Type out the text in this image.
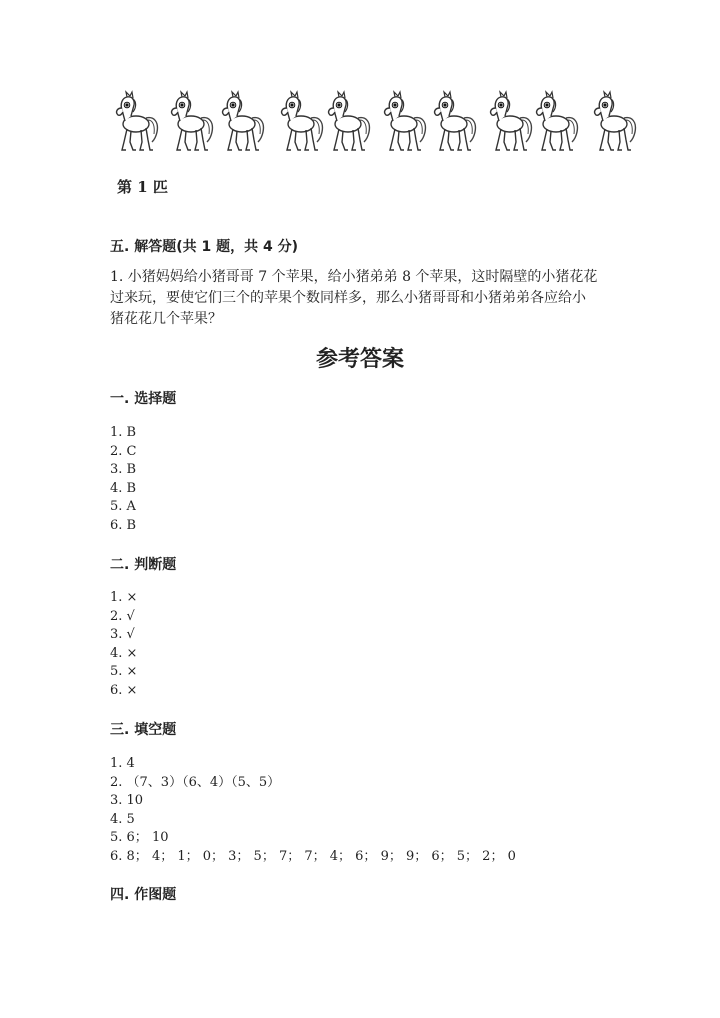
第 1 匹
五. 解答题(共 1 题，共 4 分)
1. 小猪妈妈给小猪哥哥 7 个苹果，给小猪弟弟 8 个苹果，这时隔壁的小猪花花
过来玩，要使它们三个的苹果个数同样多，那么小猪哥哥和小猪弟弟各应给小
猪花花几个苹果？
参考答案
一. 选择题
1. B
2. C
3. B
4. B
5. A
6. B
二. 判断题
1. ×
2. √
3. √
4. ×
5. ×
6. ×
三. 填空题
1. 4
2. （7、3）（6、4）（5、5）
3. 10
4. 5
5. 6； 10
6. 8； 4； 1； 0； 3； 5； 7； 7； 4； 6； 9； 9； 6； 5； 2； 0
四. 作图题
